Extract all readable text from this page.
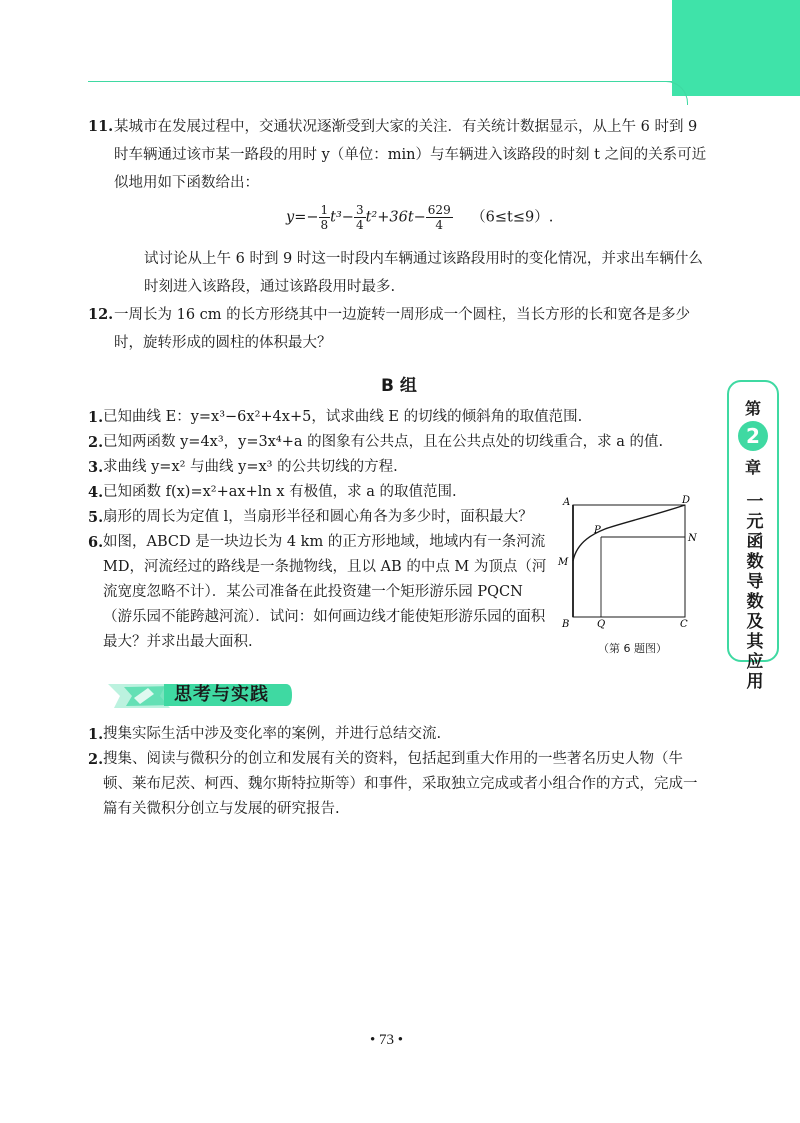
第
2
章
一元函数导数及其应用
11. 某城市在发展过程中，交通状况逐渐受到大家的关注．有关统计数据显示，从上午 6 时到 9 时车辆通过该市某一路段的用时 y（单位：min）与车辆进入该路段的时刻 t 之间的关系可近似地用如下函数给出：
$y=- \frac{1}{8} t^3- \frac{3}{4} t^2+36t- \frac{629}{4} (6\le t\le 9)$.
试讨论从上午 6 时到 9 时这一时段内车辆通过该路段用时的变化情况，并求出车辆什么时刻进入该路段，通过该路段用时最多.
12. 一周长为 16 cm 的长方形绕其中一边旋转一周形成一个圆柱，当长方形的长和宽各是多少时，旋转形成的圆柱的体积最大？
B 组
1. 已知曲线 E：y=x³−6x²+4x+5，试求曲线 E 的切线的倾斜角的取值范围.
2. 已知两函数 y=4x³，y=3x⁴+a 的图象有公共点，且在公共点处的切线重合，求 a 的值.
3. 求曲线 y=x² 与曲线 y=x³ 的公共切线的方程.
4. 已知函数 f(x)=x²+ax+ln x 有极值，求 a 的取值范围.
5. 扇形的周长为定值 l，当扇形半径和圆心角各为多少时，面积最大？
6. 如图，ABCD 是一块边长为 4 km 的正方形地域，地域内有一条河流 MD，河流经过的路线是一条抛物线，且以 AB 的中点 M 为顶点（河流宽度忽略不计）．某公司准备在此投资建一个矩形游乐园 PQCN（游乐园不能跨越河流）．试问：如何画边线才能使矩形游乐园的面积最大？并求出最大面积.
A	D
P
N
M
B	Q	C
（第 6 题图）
思考与实践
1. 搜集实际生活中涉及变化率的案例，并进行总结交流.
2. 搜集、阅读与微积分的创立和发展有关的资料，包括起到重大作用的一些著名历史人物（牛顿、莱布尼茨、柯西、魏尔斯特拉斯等）和事件，采取独立完成或者小组合作的方式，完成一篇有关微积分创立与发展的研究报告.
• 73 •
